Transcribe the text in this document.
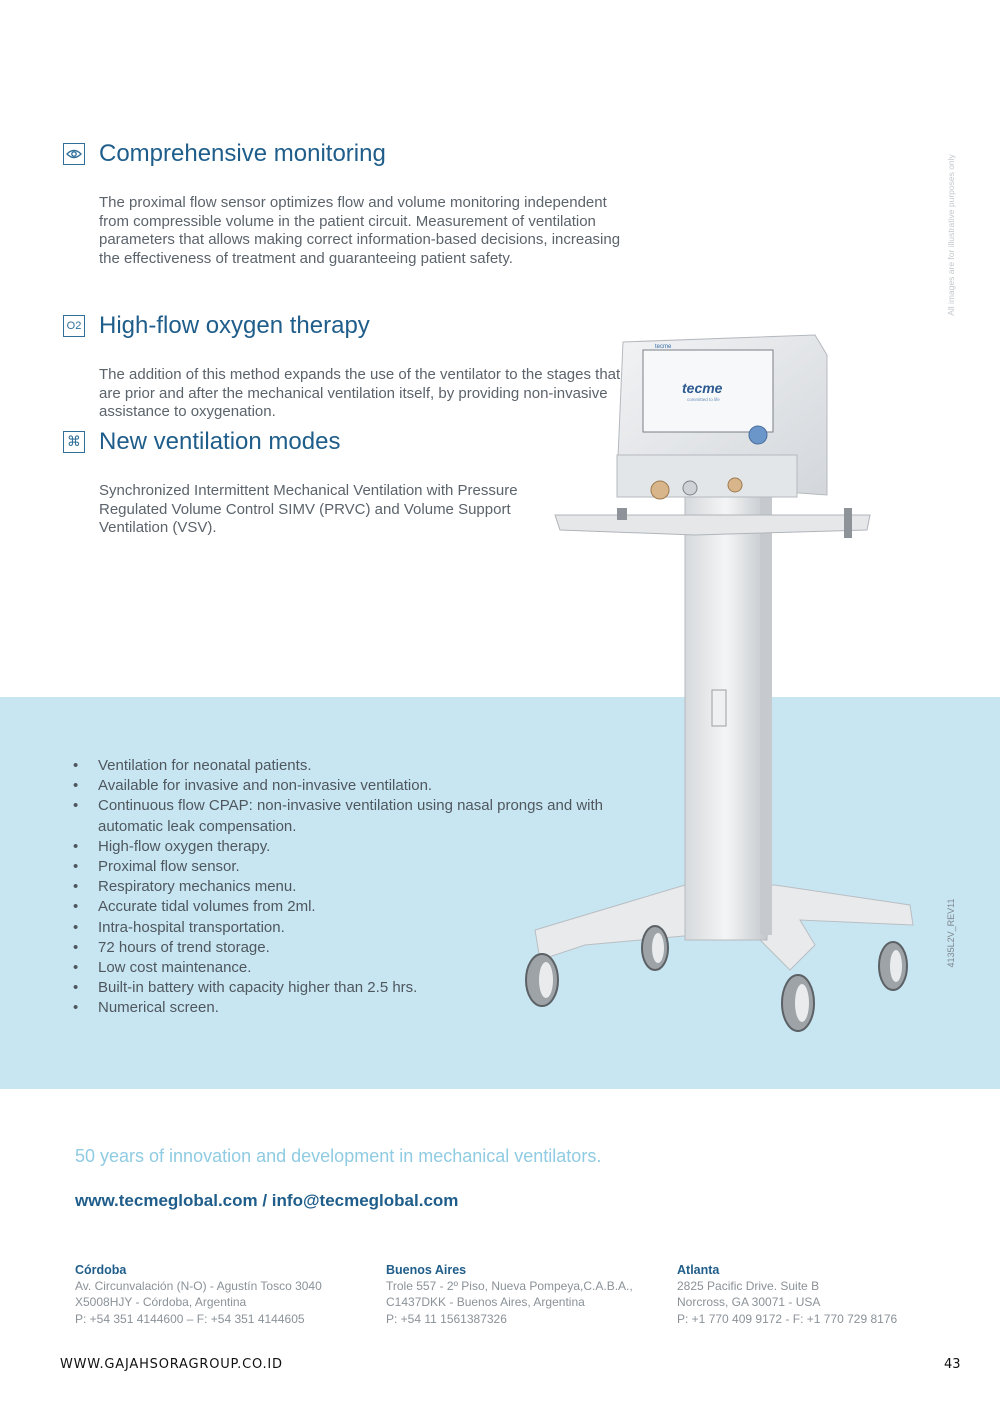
Comprehensive monitoring

The proximal flow sensor optimizes flow and volume monitoring independent from compressible volume in the patient circuit. Measurement of ventilation parameters that allows making correct information-based decisions, increasing the effectiveness of treatment and guaranteeing patient safety.

O2 High-flow oxygen therapy

The addition of this method expands the use of the ventilator to the stages that are prior and after the mechanical ventilation itself, by providing non-invasive assistance to oxygenation.

⌘ New ventilation modes

Synchronized Intermittent Mechanical Ventilation with Pressure Regulated Volume Control SIMV (PRVC) and Volume Support Ventilation (VSV).

All images are for illustrative purposes only
• Ventilation for neonatal patients.
• Available for invasive and non-invasive ventilation.
• Continuous flow CPAP: non-invasive ventilation using nasal prongs and with automatic leak compensation.
• High-flow oxygen therapy.
• Proximal flow sensor.
• Respiratory mechanics menu.
• Accurate tidal volumes from 2ml.
• Intra-hospital transportation.
• 72 hours of trend storage.
• Low cost maintenance.
• Built-in battery with capacity higher than 2.5 hrs.
• Numerical screen.
tecme
tecme
committed to life
4135L2V_REV11
50 years of innovation and development in mechanical ventilators.
www.tecmeglobal.com / info@tecmeglobal.com
Córdoba
Av. Circunvalación (N-O) - Agustín Tosco 3040
X5008HJY - Córdoba, Argentina
P: +54 351 4144600 – F: +54 351 4144605
Buenos Aires
Trole 557 - 2º Piso, Nueva Pompeya,C.A.B.A.,
C1437DKK - Buenos Aires, Argentina
P: +54 11 1561387326
Atlanta
2825 Pacific Drive. Suite B
Norcross, GA 30071 - USA
P: +1 770 409 9172 - F: +1 770 729 8176
WWW.GAJAHSORAGROUP.CO.ID	43
